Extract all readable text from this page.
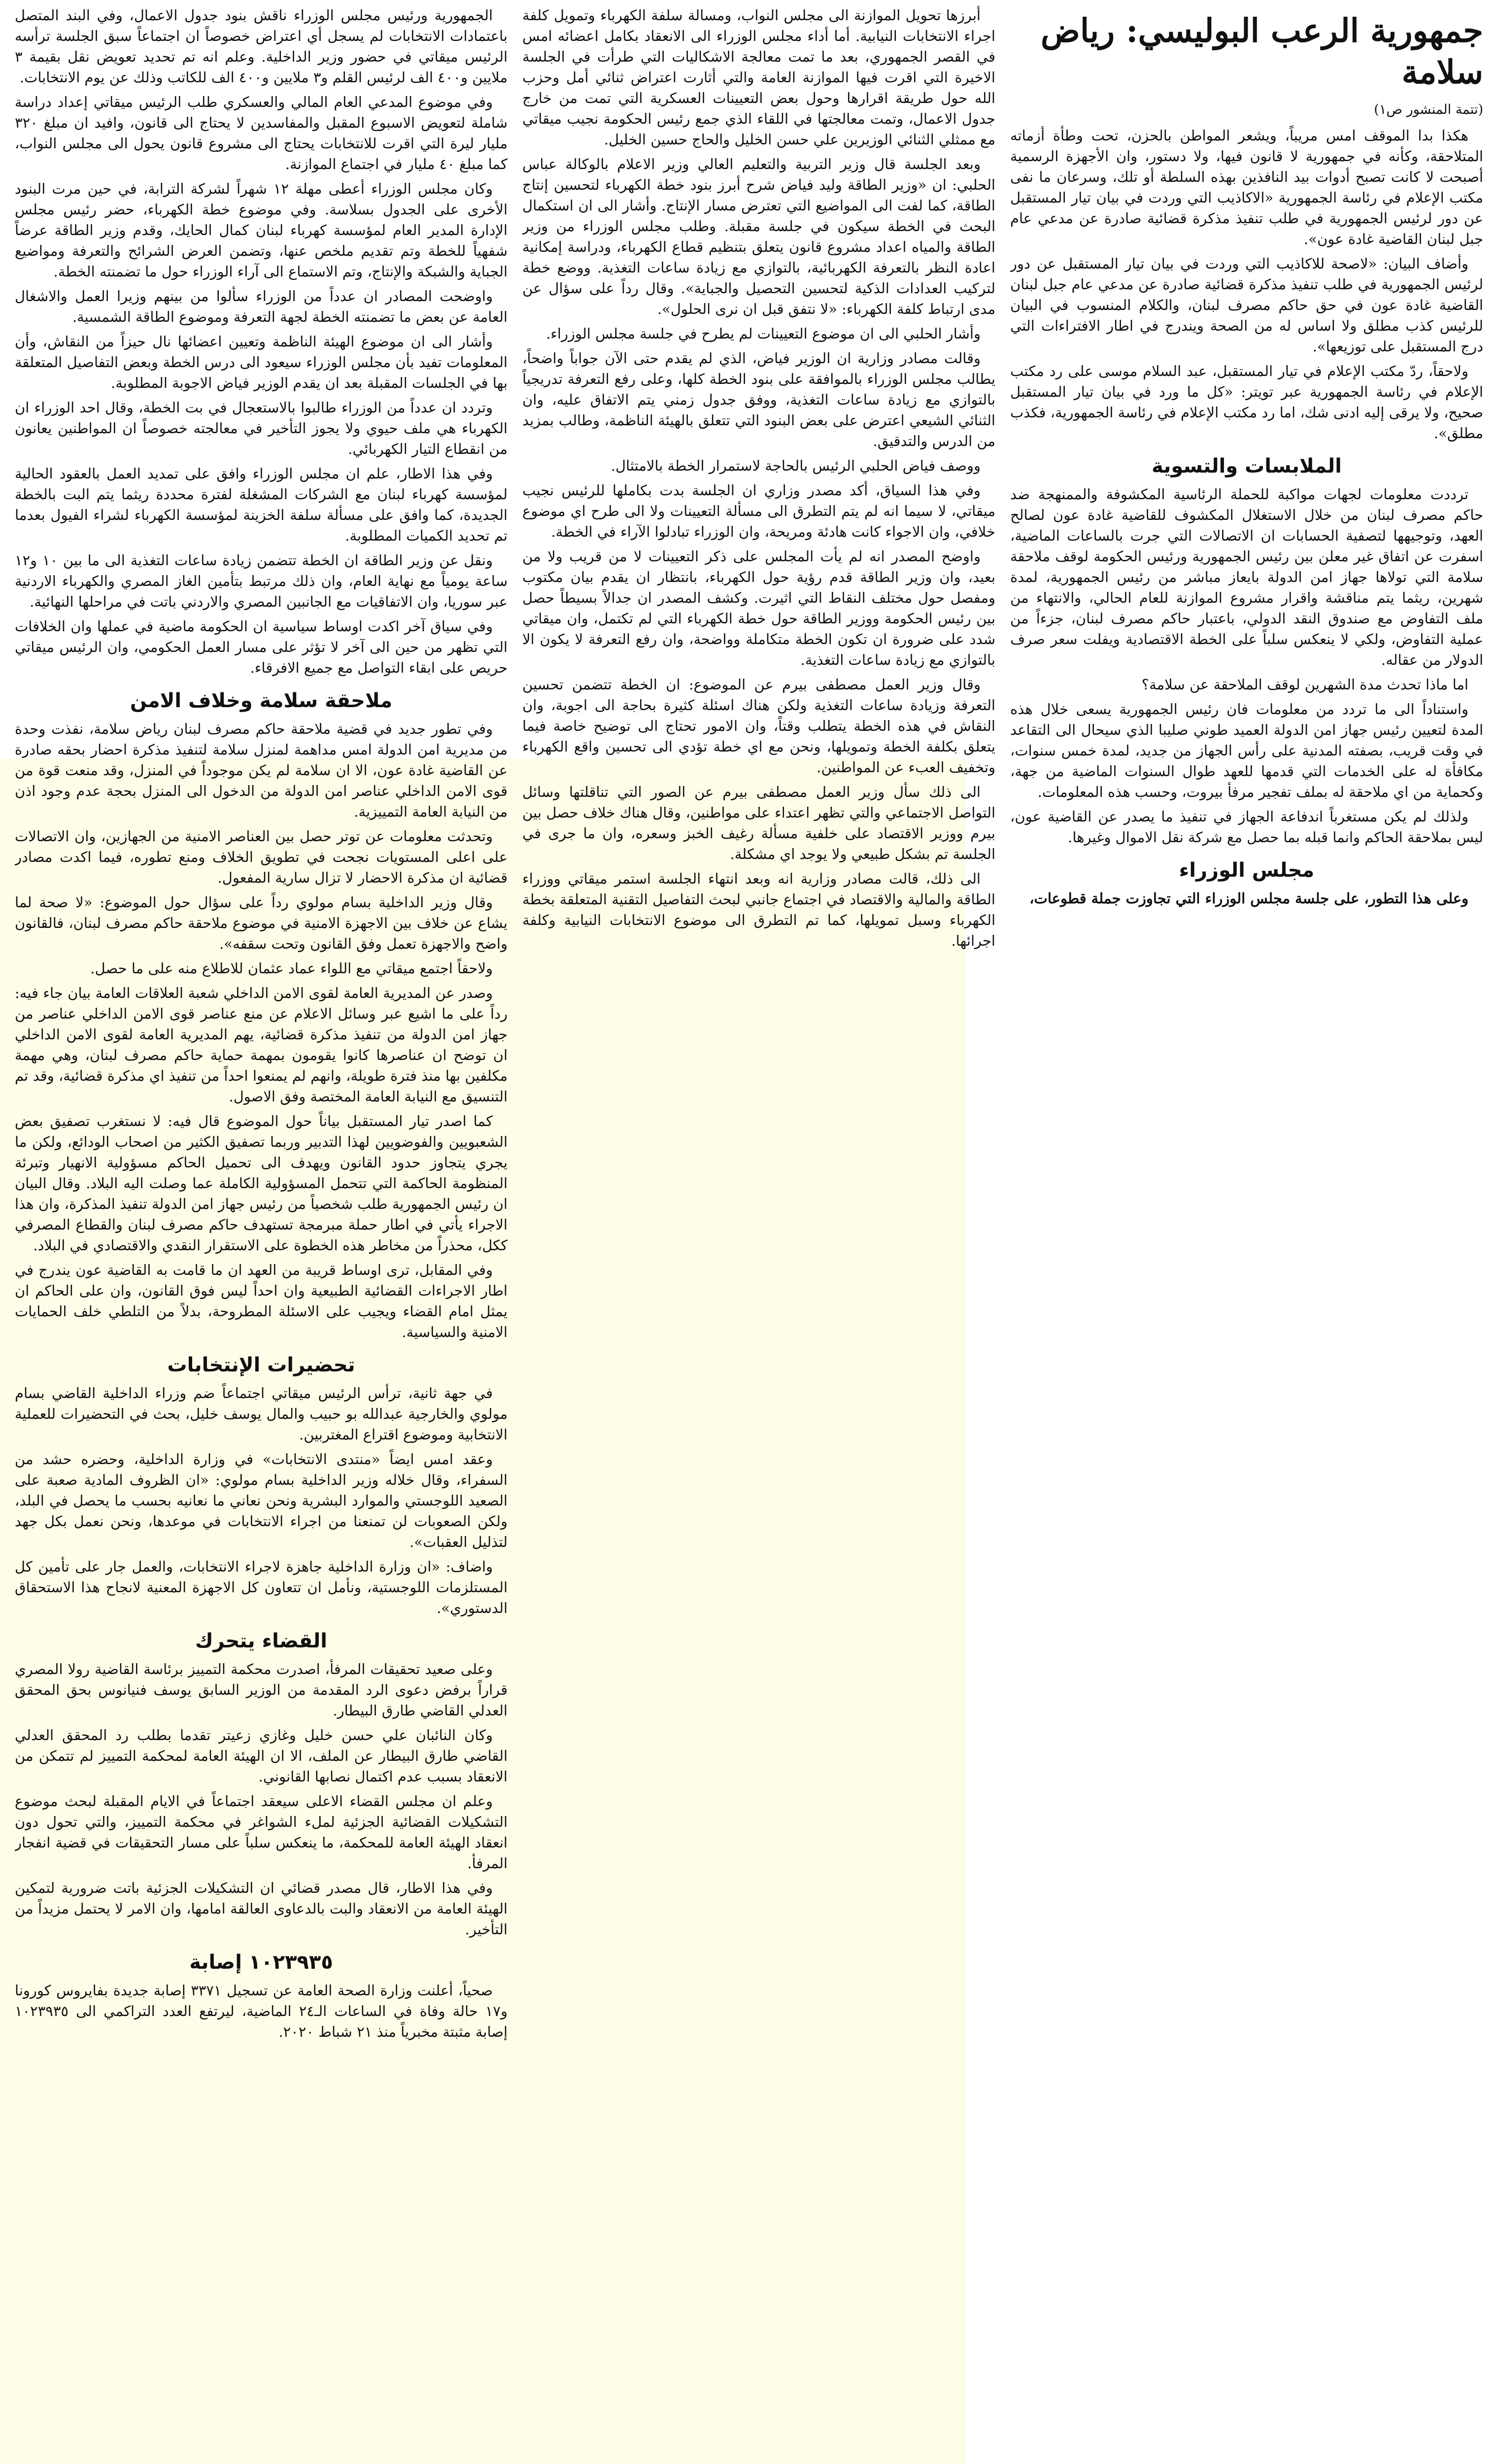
جمهورية الرعب البوليسي: رياض سلامة
(تتمة المنشور ص١)

هكذا بدا الموقف امس مريباً، ويشعر المواطن بالحزن، تحت وطأة أزماته المتلاحقة، وكأنه في جمهورية لا قانون فيها، ولا دستور، وان الأجهزة الرسمية أصبحت لا كانت تصبح أدوات بيد النافذين بهذه السلطة أو تلك، وسرعان ما نفى مكتب الإعلام في رئاسة الجمهورية «الاكاذيب التي وردت في بيان تيار المستقبل عن دور لرئيس الجمهورية في طلب تنفيذ مذكرة قضائية صادرة عن مدعي عام جبل لبنان القاضية غادة عون».

وأضاف البيان: «لاصحة للاكاذيب التي وردت في بيان تيار المستقبل عن دور لرئيس الجمهورية في طلب تنفيذ مذكرة قضائية صادرة عن مدعي عام جبل لبنان القاضية غادة عون في حق حاكم مصرف لبنان، والكلام المنسوب في البيان للرئيس كذب مطلق ولا اساس له من الصحة ويندرج في اطار الافتراءات التي درج المستقبل على توزيعها».

ولاحقاً، ردّ مكتب الإعلام في تيار المستقبل، عبد السلام موسى على رد مكتب الإعلام في رئاسة الجمهورية عبر تويتر: «كل ما ورد في بيان تيار المستقبل صحيح، ولا يرقى إليه ادنى شك، اما رد مكتب الإعلام في رئاسة الجمهورية، فكذب مطلق».

الملابسات والتسوية

ترددت معلومات لجهات مواكبة للحملة الرئاسية المكشوفة والممنهجة ضد حاكم مصرف لبنان من خلال الاستغلال المكشوف للقاضية غادة عون لصالح العهد، وتوجيهها لتصفية الحسابات ان الاتصالات التي جرت بالساعات الماضية، اسفرت عن اتفاق غير معلن بين رئيس الجمهورية ورئيس الحكومة لوقف ملاحقة سلامة التي تولاها جهاز امن الدولة بايعاز مباشر من رئيس الجمهورية، لمدة شهرين، ريثما يتم مناقشة واقرار مشروع الموازنة للعام الحالي، والانتهاء من ملف التفاوض مع صندوق النقد الدولي، باعتبار حاكم مصرف لبنان، جزءاً من عملية التفاوض، ولكي لا ينعكس سلباً على الخطة الاقتصادية ويفلت سعر صرف الدولار من عقاله.

اما ماذا تحدث مدة الشهرين لوقف الملاحقة عن سلامة؟

واستناداً الى ما تردد من معلومات فان رئيس الجمهورية يسعى خلال هذه المدة لتعيين رئيس جهاز امن الدولة العميد طوني صليبا الذي سيحال الى التقاعد في وقت قريب، بصفته المدنية على رأس الجهاز من جديد، لمدة خمس سنوات، مكافأة له على الخدمات التي قدمها للعهد طوال السنوات الماضية من جهة، وكحماية من اي ملاحقة له بملف تفجير مرفأ بيروت، وحسب هذه المعلومات.

ولذلك لم يكن مستغرباً اندفاعة الجهاز في تنفيذ ما يصدر عن القاضية عون، ليس بملاحقة الحاكم وانما قبله بما حصل مع شركة نقل الاموال وغيرها.

مجلس الوزراء

وعلى هذا التطور، على جلسة مجلس الوزراء التي تجاوزت جملة قطوعات،

أبرزها تحويل الموازنة الى مجلس النواب، ومسالة سلفة الكهرباء وتمويل كلفة اجراء الانتخابات النيابية. أما أداء مجلس الوزراء الى الانعقاد بكامل اعضائه امس في القصر الجمهوري، بعد ما تمت معالجة الاشكاليات التي طرأت في الجلسة الاخيرة التي اقرت فيها الموازنة العامة والتي أثارت اعتراض ثنائي أمل وحزب الله حول طريقة اقرارها وحول بعض التعيينات العسكرية التي تمت من خارج جدول الاعمال، وتمت معالجتها في اللقاء الذي جمع رئيس الحكومة نجيب ميقاتي مع ممثلي الثنائي الوزيرين علي حسن الخليل والحاج حسين الخليل.

وبعد الجلسة قال وزير التربية والتعليم العالي وزير الاعلام بالوكالة عباس الحلبي: ان «وزير الطاقة وليد فياض شرح أبرز بنود خطة الكهرباء لتحسين إنتاج الطاقة، كما لفت الى المواضيع التي تعترض مسار الإنتاج. وأشار الى ان استكمال البحث في الخطة سيكون في جلسة مقبلة. وطلب مجلس الوزراء من وزير الطاقة والمياه اعداد مشروع قانون يتعلق بتنظيم قطاع الكهرباء، ودراسة إمكانية اعادة النظر بالتعرفة الكهربائية، بالتوازي مع زيادة ساعات التغذية. ووضع خطة لتركيب العدادات الذكية لتحسين التحصيل والجباية». وقال رداً على سؤال عن مدى ارتباط كلفة الكهرباء: «لا نتفق قبل ان نرى الحلول».

وأشار الحلبي الى ان موضوع التعيينات لم يطرح في جلسة مجلس الوزراء.

وقالت مصادر وزارية ان الوزير فياض، الذي لم يقدم حتى الآن جواباً واضحاً، يطالب مجلس الوزراء بالموافقة على بنود الخطة كلها، وعلى رفع التعرفة تدريجياً بالتوازي مع زيادة ساعات التغذية، ووفق جدول زمني يتم الاتفاق عليه، وان الثنائي الشيعي اعترض على بعض البنود التي تتعلق بالهيئة الناظمة، وطالب بمزيد من الدرس والتدقيق.

ووصف فياض الحلبي الرئيس بالحاجة لاستمرار الخطة بالامتثال.

وفي هذا السياق، أكد مصدر وزاري ان الجلسة بدت بكاملها للرئيس نجيب ميقاتي، لا سيما انه لم يتم التطرق الى مسألة التعيينات ولا الى طرح اي موضوع خلافي، وان الاجواء كانت هادئة ومريحة، وان الوزراء تبادلوا الآراء في الخطة.

واوضح المصدر انه لم يأت المجلس على ذكر التعيينات لا من قريب ولا من بعيد، وان وزير الطاقة قدم رؤية حول الكهرباء، بانتظار ان يقدم بيان مكتوب ومفصل حول مختلف النقاط التي اثيرت. وكشف المصدر ان جدالاً بسيطاً حصل بين رئيس الحكومة ووزير الطاقة حول خطة الكهرباء التي لم تكتمل، وان ميقاتي شدد على ضرورة ان تكون الخطة متكاملة وواضحة، وان رفع التعرفة لا يكون الا بالتوازي مع زيادة ساعات التغذية.

وقال وزير العمل مصطفى بيرم عن الموضوع: ان الخطة تتضمن تحسين التعرفة وزيادة ساعات التغذية ولكن هناك اسئلة كثيرة بحاجة الى اجوبة، وان النقاش في هذه الخطة يتطلب وقتاً، وان الامور تحتاج الى توضيح خاصة فيما يتعلق بكلفة الخطة وتمويلها، ونحن مع اي خطة تؤدي الى تحسين واقع الكهرباء وتخفيف العبء عن المواطنين.

الى ذلك سأل وزير العمل مصطفى بيرم عن الصور التي تناقلتها وسائل التواصل الاجتماعي والتي تظهر اعتداء على مواطنين، وقال هناك خلاف حصل بين بيرم ووزير الاقتصاد على خلفية مسألة رغيف الخبز وسعره، وان ما جرى في الجلسة تم بشكل طبيعي ولا يوجد اي مشكلة.

الى ذلك، قالت مصادر وزارية انه وبعد انتهاء الجلسة استمر ميقاتي ووزراء الطاقة والمالية والاقتصاد في اجتماع جانبي لبحث التفاصيل التقنية المتعلقة بخطة الكهرباء وسبل تمويلها، كما تم التطرق الى موضوع الانتخابات النيابية وكلفة اجرائها.

الجمهورية ورئيس مجلس الوزراء ناقش بنود جدول الاعمال، وفي البند المتصل باعتمادات الانتخابات لم يسجل أي اعتراض خصوصاً ان اجتماعاً سبق الجلسة ترأسه الرئيس ميقاتي في حضور وزير الداخلية. وعلم انه تم تحديد تعويض نقل بقيمة ٣ ملايين و٤٠٠ الف لرئيس القلم و٣ ملايين و٤٠٠ الف للكاتب وذلك عن يوم الانتخابات.

وفي موضوع المدعي العام المالي والعسكري طلب الرئيس ميقاتي إعداد دراسة شاملة لتعويض الاسبوع المقبل والمفاسدين لا يحتاج الى قانون، وافيد ان مبلغ ٣٢٠ مليار ليرة التي اقرت للانتخابات يحتاج الى مشروع قانون يحول الى مجلس النواب، كما مبلغ ٤٠ مليار في اجتماع الموازنة.

وكان مجلس الوزراء أعطى مهلة ١٢ شهراً لشركة الترابة، في حين مرت البنود الأخرى على الجدول بسلاسة. وفي موضوع خطة الكهرباء، حضر رئيس مجلس الإدارة المدير العام لمؤسسة كهرباء لبنان كمال الحايك، وقدم وزير الطاقة عرضاً شفهياً للخطة وتم تقديم ملخص عنها، وتضمن العرض الشرائح والتعرفة ومواضيع الجباية والشبكة والإنتاج، وتم الاستماع الى آراء الوزراء حول ما تضمنته الخطة.

واوضحت المصادر ان عدداً من الوزراء سألوا من بينهم وزيرا العمل والاشغال العامة عن بعض ما تضمنته الخطة لجهة التعرفة وموضوع الطاقة الشمسية.

وأشار الى ان موضوع الهيئة الناظمة وتعيين اعضائها نال حيزاً من النقاش، وأن المعلومات تفيد بأن مجلس الوزراء سيعود الى درس الخطة وبعض التفاصيل المتعلقة بها في الجلسات المقبلة بعد ان يقدم الوزير فياض الاجوبة المطلوبة.

وتردد ان عدداً من الوزراء طالبوا بالاستعجال في بت الخطة، وقال احد الوزراء ان الكهرباء هي ملف حيوي ولا يجوز التأخير في معالجته خصوصاً ان المواطنين يعانون من انقطاع التيار الكهربائي.

وفي هذا الاطار، علم ان مجلس الوزراء وافق على تمديد العمل بالعقود الحالية لمؤسسة كهرباء لبنان مع الشركات المشغلة لفترة محددة ريثما يتم البت بالخطة الجديدة، كما وافق على مسألة سلفة الخزينة لمؤسسة الكهرباء لشراء الفيول بعدما تم تحديد الكميات المطلوبة.

ونقل عن وزير الطاقة ان الخطة تتضمن زيادة ساعات التغذية الى ما بين ١٠ و١٢ ساعة يومياً مع نهاية العام، وان ذلك مرتبط بتأمين الغاز المصري والكهرباء الاردنية عبر سوريا، وان الاتفاقيات مع الجانبين المصري والاردني باتت في مراحلها النهائية.

وفي سياق آخر اكدت اوساط سياسية ان الحكومة ماضية في عملها وان الخلافات التي تظهر من حين الى آخر لا تؤثر على مسار العمل الحكومي، وان الرئيس ميقاتي حريص على ابقاء التواصل مع جميع الافرقاء.

ملاحقة سلامة وخلاف الامن

وفي تطور جديد في قضية ملاحقة حاكم مصرف لبنان رياض سلامة، نفذت وحدة من مديرية امن الدولة امس مداهمة لمنزل سلامة لتنفيذ مذكرة احضار بحقه صادرة عن القاضية غادة عون، الا ان سلامة لم يكن موجوداً في المنزل، وقد منعت قوة من قوى الامن الداخلي عناصر امن الدولة من الدخول الى المنزل بحجة عدم وجود اذن من النيابة العامة التمييزية.

وتحدثت معلومات عن توتر حصل بين العناصر الامنية من الجهازين، وان الاتصالات على اعلى المستويات نجحت في تطويق الخلاف ومنع تطوره، فيما اكدت مصادر قضائية ان مذكرة الاحضار لا تزال سارية المفعول.

وقال وزير الداخلية بسام مولوي رداً على سؤال حول الموضوع: «لا صحة لما يشاع عن خلاف بين الاجهزة الامنية في موضوع ملاحقة حاكم مصرف لبنان، فالقانون واضح والاجهزة تعمل وفق القانون وتحت سقفه».

ولاحقاً اجتمع ميقاتي مع اللواء عماد عثمان للاطلاع منه على ما حصل.

وصدر عن المديرية العامة لقوى الامن الداخلي شعبة العلاقات العامة بيان جاء فيه: رداً على ما اشيع عبر وسائل الاعلام عن منع عناصر قوى الامن الداخلي عناصر من جهاز امن الدولة من تنفيذ مذكرة قضائية، يهم المديرية العامة لقوى الامن الداخلي ان توضح ان عناصرها كانوا يقومون بمهمة حماية حاكم مصرف لبنان، وهي مهمة مكلفين بها منذ فترة طويلة، وانهم لم يمنعوا احداً من تنفيذ اي مذكرة قضائية، وقد تم التنسيق مع النيابة العامة المختصة وفق الاصول.

كما اصدر تيار المستقبل بياناً حول الموضوع قال فيه: لا نستغرب تصفيق بعض الشعبويين والفوضويين لهذا التدبير وربما تصفيق الكثير من اصحاب الودائع، ولكن ما يجري يتجاوز حدود القانون ويهدف الى تحميل الحاكم مسؤولية الانهيار وتبرئة المنظومة الحاكمة التي تتحمل المسؤولية الكاملة عما وصلت اليه البلاد. وقال البيان ان رئيس الجمهورية طلب شخصياً من رئيس جهاز امن الدولة تنفيذ المذكرة، وان هذا الاجراء يأتي في اطار حملة مبرمجة تستهدف حاكم مصرف لبنان والقطاع المصرفي ككل، محذراً من مخاطر هذه الخطوة على الاستقرار النقدي والاقتصادي في البلاد.

وفي المقابل، ترى اوساط قريبة من العهد ان ما قامت به القاضية عون يندرج في اطار الاجراءات القضائية الطبيعية وان احداً ليس فوق القانون، وان على الحاكم ان يمثل امام القضاء ويجيب على الاسئلة المطروحة، بدلاً من التلطي خلف الحمايات الامنية والسياسية.

تحضيرات الإنتخابات

في جهة ثانية، ترأس الرئيس ميقاتي اجتماعاً ضم وزراء الداخلية القاضي بسام مولوي والخارجية عبدالله بو حبيب والمال يوسف خليل، بحث في التحضيرات للعملية الانتخابية وموضوع اقتراع المغتربين.

وعقد امس ايضاً «منتدى الانتخابات» في وزارة الداخلية، وحضره حشد من السفراء، وقال خلاله وزير الداخلية بسام مولوي: «ان الظروف المادية صعبة على الصعيد اللوجستي والموارد البشرية ونحن نعاني ما نعانيه بحسب ما يحصل في البلد، ولكن الصعوبات لن تمنعنا من اجراء الانتخابات في موعدها، ونحن نعمل بكل جهد لتذليل العقبات».

واضاف: «ان وزارة الداخلية جاهزة لاجراء الانتخابات، والعمل جار على تأمين كل المستلزمات اللوجستية، ونأمل ان تتعاون كل الاجهزة المعنية لانجاح هذا الاستحقاق الدستوري».

القضاء يتحرك

وعلى صعيد تحقيقات المرفأ، اصدرت محكمة التمييز برئاسة القاضية رولا المصري قراراً برفض دعوى الرد المقدمة من الوزير السابق يوسف فنيانوس بحق المحقق العدلي القاضي طارق البيطار.

وكان النائبان علي حسن خليل وغازي زعيتر تقدما بطلب رد المحقق العدلي القاضي طارق البيطار عن الملف، الا ان الهيئة العامة لمحكمة التمييز لم تتمكن من الانعقاد بسبب عدم اكتمال نصابها القانوني.

وعلم ان مجلس القضاء الاعلى سيعقد اجتماعاً في الايام المقبلة لبحث موضوع التشكيلات القضائية الجزئية لملء الشواغر في محكمة التمييز، والتي تحول دون انعقاد الهيئة العامة للمحكمة، ما ينعكس سلباً على مسار التحقيقات في قضية انفجار المرفأ.

وفي هذا الاطار، قال مصدر قضائي ان التشكيلات الجزئية باتت ضرورية لتمكين الهيئة العامة من الانعقاد والبت بالدعاوى العالقة امامها، وان الامر لا يحتمل مزيداً من التأخير.

١٠٢٣٩٣٥ إصابة

صحياً، أعلنت وزارة الصحة العامة عن تسجيل ٣٣٧١ إصابة جديدة بفايروس كورونا و١٧ حالة وفاة في الساعات الـ٢٤ الماضية، ليرتفع العدد التراكمي الى ١٠٢٣٩٣٥ إصابة مثبتة مخبرياً منذ ٢١ شباط ٢٠٢٠.
